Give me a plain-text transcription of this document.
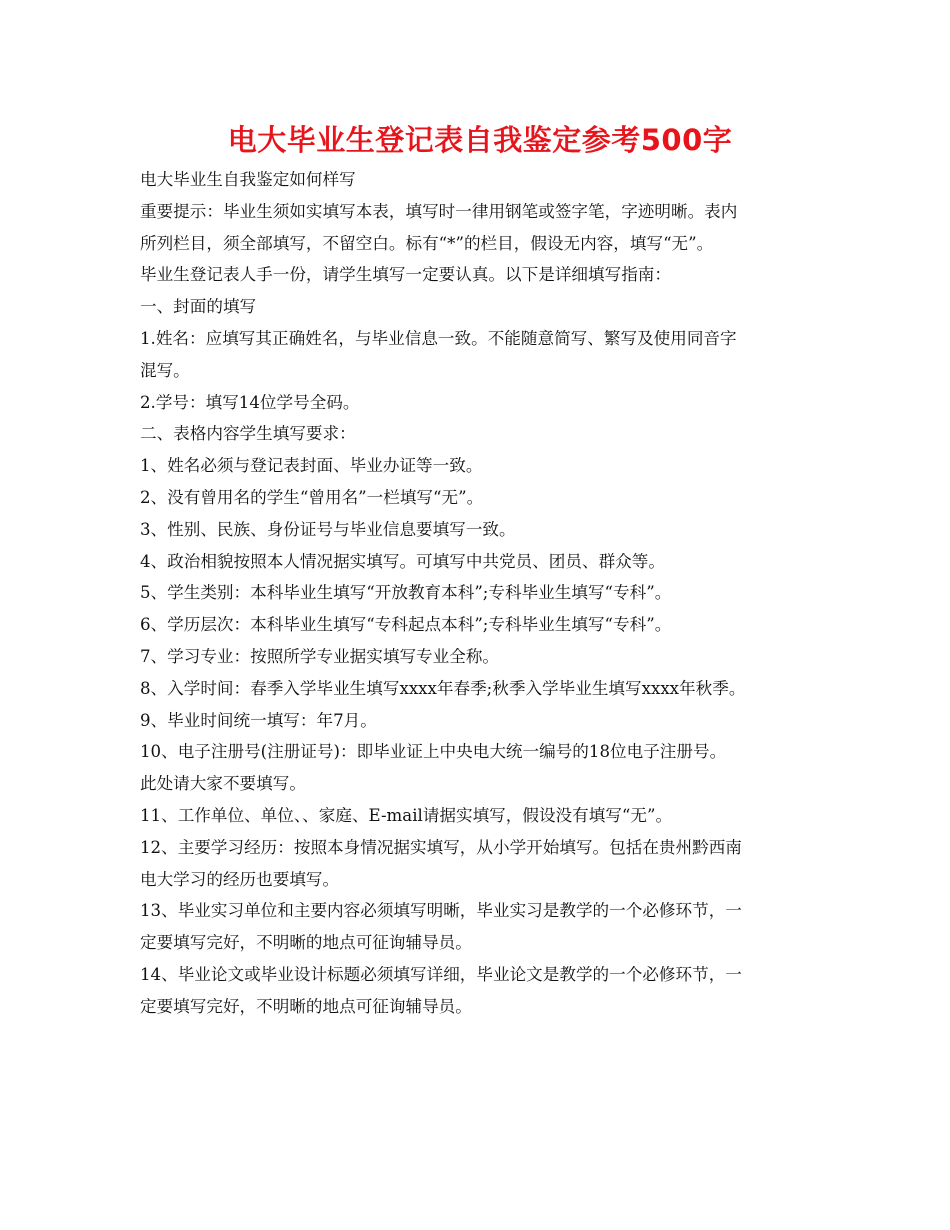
电大毕业生登记表自我鉴定参考500字

电大毕业生自我鉴定如何样写

重要提示：毕业生须如实填写本表，填写时一律用钢笔或签字笔，字迹明晰。表内

所列栏目，须全部填写，不留空白。标有“*”的栏目，假设无内容，填写“无”。

毕业生登记表人手一份，请学生填写一定要认真。以下是详细填写指南：

一、封面的填写

1.姓名：应填写其正确姓名，与毕业信息一致。不能随意简写、繁写及使用同音字

混写。

2.学号：填写14位学号全码。

二、表格内容学生填写要求：

1、姓名必须与登记表封面、毕业办证等一致。

2、没有曾用名的学生“曾用名”一栏填写“无”。

3、性别、民族、身份证号与毕业信息要填写一致。

4、政治相貌按照本人情况据实填写。可填写中共党员、团员、群众等。

5、学生类别：本科毕业生填写“开放教育本科”;专科毕业生填写“专科”。

6、学历层次：本科毕业生填写“专科起点本科”;专科毕业生填写“专科”。

7、学习专业：按照所学专业据实填写专业全称。

8、入学时间：春季入学毕业生填写xxxx年春季;秋季入学毕业生填写xxxx年秋季。

9、毕业时间统一填写：年7月。

10、电子注册号(注册证号)：即毕业证上中央电大统一编号的18位电子注册号。

此处请大家不要填写。

11、工作单位、单位、、家庭、E-mail请据实填写，假设没有填写“无”。

12、主要学习经历：按照本身情况据实填写，从小学开始填写。包括在贵州黔西南

电大学习的经历也要填写。

13、毕业实习单位和主要内容必须填写明晰，毕业实习是教学的一个必修环节，一

定要填写完好，不明晰的地点可征询辅导员。

14、毕业论文或毕业设计标题必须填写详细，毕业论文是教学的一个必修环节，一

定要填写完好，不明晰的地点可征询辅导员。
